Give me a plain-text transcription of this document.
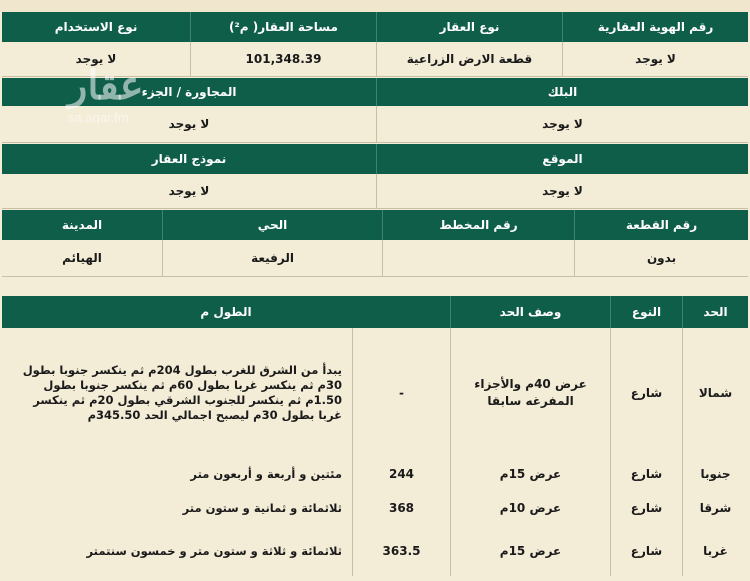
رقم الهوية العقارية
نوع العقار
مساحة العقار( م²)
نوع الاستخدام
لا يوجد
قطعة الارض الزراعية
101,348.39
لا يوجد
البلك
المجاورة / الجزء
لا يوجد
لا يوجد
الموقع
نموذج العقار
لا يوجد
لا يوجد
رقم القطعة
رقم المخطط
الحي
المدينة
بدون
الرفيعة
الهيائم
الحد
النوع
وصف الحد
الطول م
شمالا
شارع
عرض 40م والأجزاء المفرغه سابقا
-
يبدأ من الشرق للغرب بطول 204م ثم ينكسر جنوبا بطول 30م ثم ينكسر غربا بطول 60م ثم ينكسر جنوبا بطول 1.50م ثم ينكسر للجنوب الشرقي بطول 20م ثم ينكسر غربا بطول 30م ليصبح اجمالي الحد 345.50م
جنوبا
شارع
عرض 15م
244
مئتين و أربعة و أربعون متر
شرقا
شارع
عرض 10م
368
ثلاثمائة و ثمانية و ستون متر
غربا
شارع
عرض 15م
363.5
ثلاثمائة و ثلاثة و ستون متر و خمسون سنتمتر
عقار
sa.aqar.fm
